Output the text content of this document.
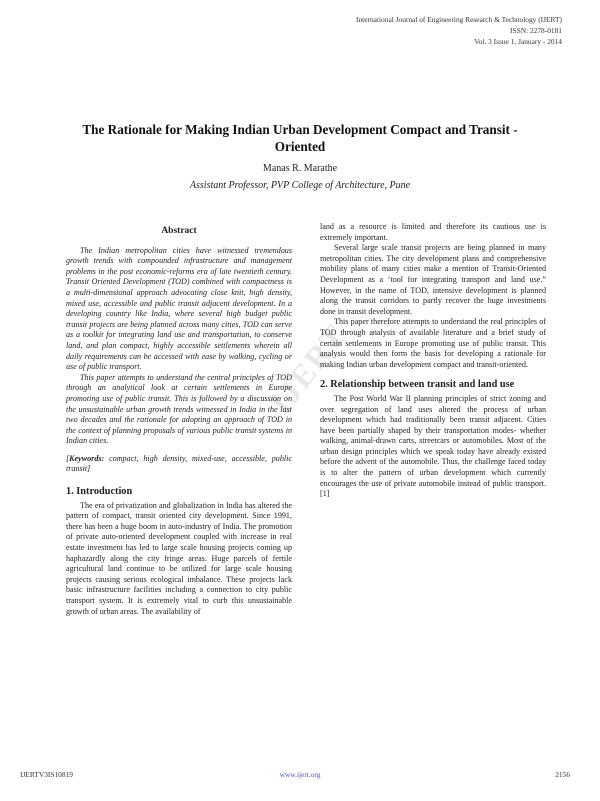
International Journal of Engineering Research & Technology (IJERT)
ISSN: 2278-0181
Vol. 3 Issue 1, January - 2014
The Rationale for Making Indian Urban Development Compact and Transit - Oriented
Manas R. Marathe
Assistant Professor, PVP College of Architecture, Pune
IJERT
Abstract

The Indian metropolitan cities have witnessed tremendous growth trends with compounded infrastructure and management problems in the post economic-reforms era of late twentieth century. Transit Oriented Development (TOD) combined with compactness is a multi-dimensional approach advocating close knit, high density, mixed use, accessible and public transit adjacent development. In a developing country like India, where several high budget public transit projects are being planned across many cities, TOD can serve as a toolkit for integrating land use and transportation, to conserve land, and plan compact, highly accessible settlements wherein all daily requirements can be accessed with ease by walking, cycling or use of public transport.

This paper attempts to understand the central principles of TOD through an analytical look at certain settlements in Europe promoting use of public transit. This is followed by a discussion on the unsustainable urban growth trends witnessed in India in the last two decades and the rationale for adopting an approach of TOD in the context of planning proposals of various public transit systems in Indian cities.

[Keywords: compact, high density, mixed-use, accessible, public transit]

1. Introduction

The era of privatization and globalization in India has altered the pattern of compact, transit oriented city development. Since 1991, there has been a huge boom in auto-industry of India. The promotion of private auto-oriented development coupled with increase in real estate investment has led to large scale housing projects coming up haphazardly along the city fringe areas. Huge parcels of fertile agricultural land continue to be utilized for large scale housing projects causing serious ecological imbalance. These projects lack basic infrastructure facilities including a connection to city public transport system. It is extremely vital to curb this unsustainable growth of urban areas. The availability of

land as a resource is limited and therefore its cautious use is extremely important.

Several large scale transit projects are being planned in many metropolitan cities. The city development plans and comprehensive mobility plans of many cities make a mention of Transit-Oriented Development as a ‘tool for integrating transport and land use.” However, in the name of TOD, intensive development is planned along the transit corridors to partly recover the huge investments done in transit development.

This paper therefore attempts to understand the real principles of TOD through analysis of available literature and a brief study of certain settlements in Europe promoting use of public transit. This analysis would then form the basis for developing a rationale for making Indian urban development compact and transit-oriented.

2. Relationship between transit and land use

The Post World War II planning principles of strict zoning and over segregation of land uses altered the process of urban development which had traditionally been transit adjacent. Cities have been partially shaped by their transportation modes- whether walking, animal-drawn carts, streetcars or automobiles. Most of the urban design principles which we speak today have already existed before the advent of the automobile. Thus, the challenge faced today is to alter the pattern of urban development which currently encourages the use of private automobile instead of public transport. [1]

IJERTV3IS10819	www.ijert.org	2156
